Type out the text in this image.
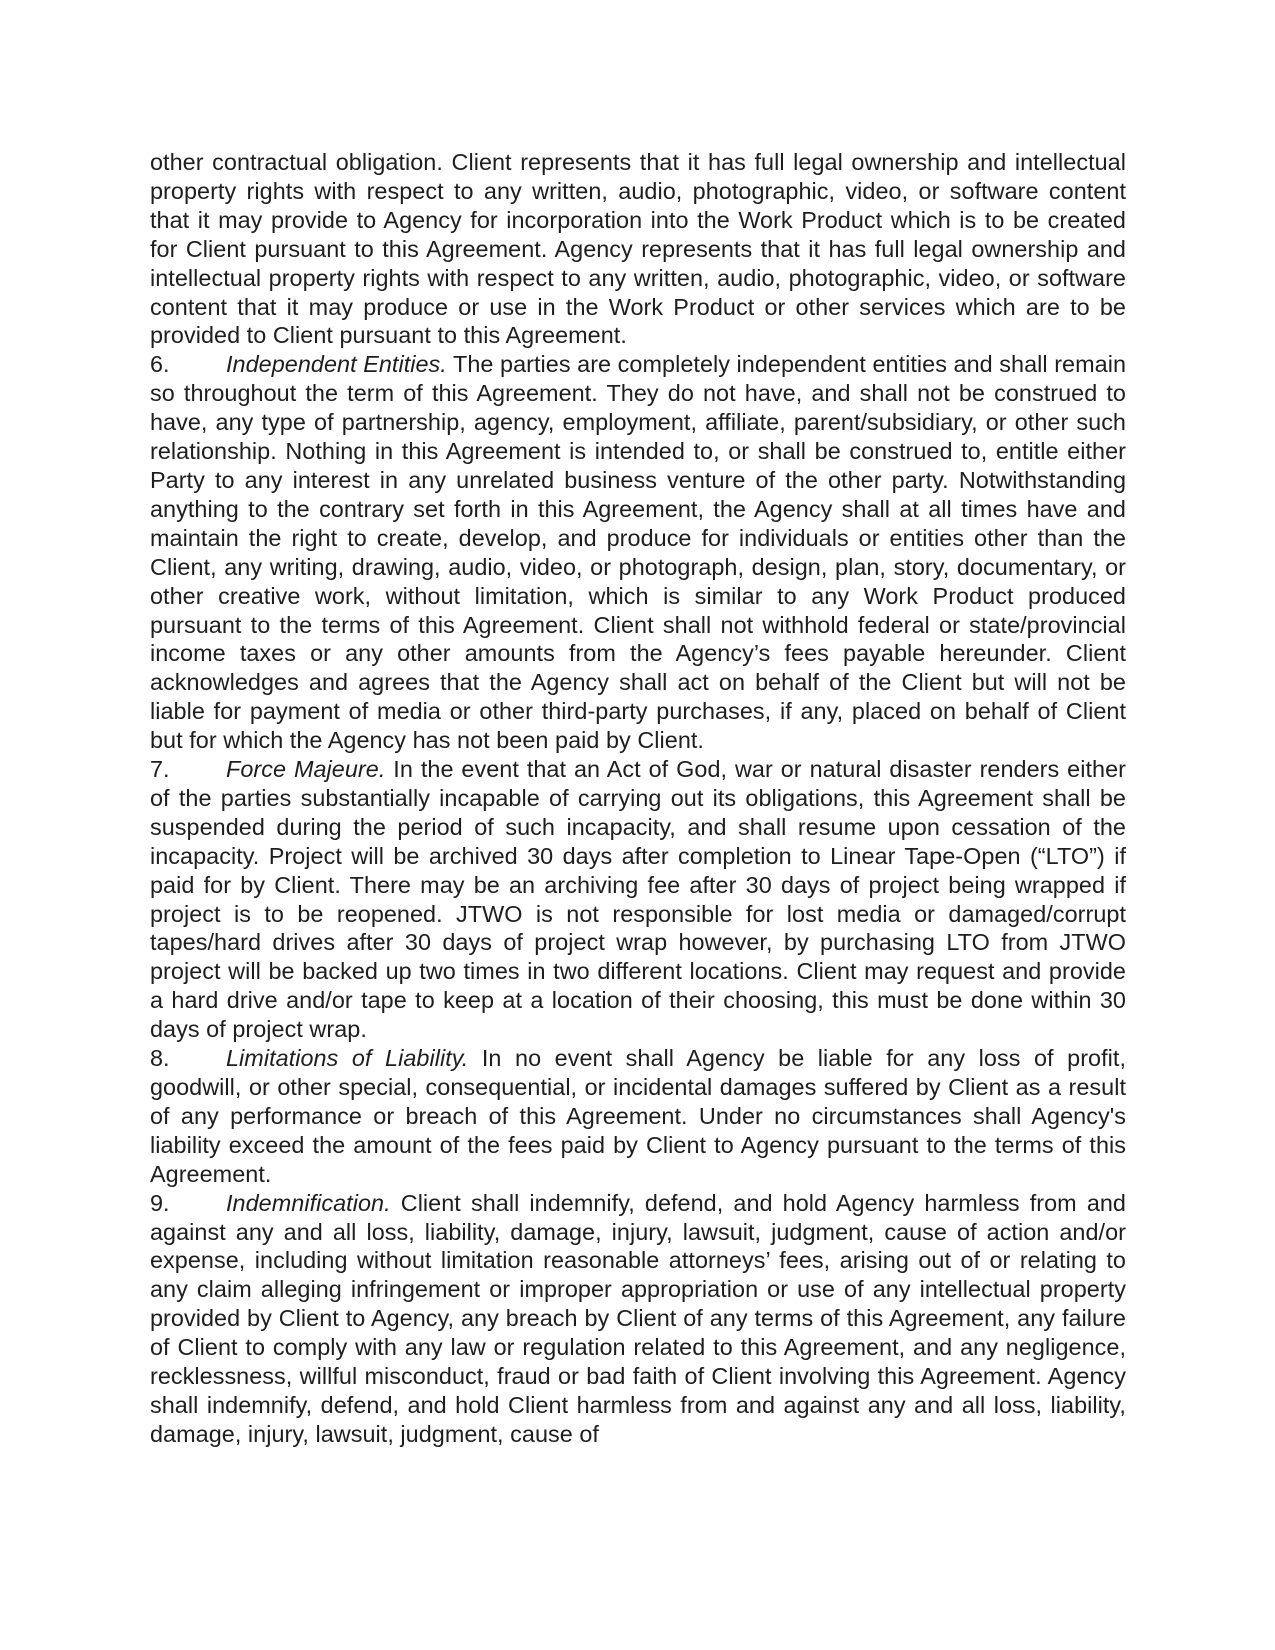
other contractual obligation. Client represents that it has full legal ownership and intellectual property rights with respect to any written, audio, photographic, video, or software content that it may provide to Agency for incorporation into the Work Product which is to be created for Client pursuant to this Agreement. Agency represents that it has full legal ownership and intellectual property rights with respect to any written, audio, photographic, video, or software content that it may produce or use in the Work Product or other services which are to be provided to Client pursuant to this Agreement.

6. Independent Entities. The parties are completely independent entities and shall remain so throughout the term of this Agreement. They do not have, and shall not be construed to have, any type of partnership, agency, employment, affiliate, parent/subsidiary, or other such relationship. Nothing in this Agreement is intended to, or shall be construed to, entitle either Party to any interest in any unrelated business venture of the other party. Notwithstanding anything to the contrary set forth in this Agreement, the Agency shall at all times have and maintain the right to create, develop, and produce for individuals or entities other than the Client, any writing, drawing, audio, video, or photograph, design, plan, story, documentary, or other creative work, without limitation, which is similar to any Work Product produced pursuant to the terms of this Agreement. Client shall not withhold federal or state/provincial income taxes or any other amounts from the Agency’s fees payable hereunder. Client acknowledges and agrees that the Agency shall act on behalf of the Client but will not be liable for payment of media or other third-party purchases, if any, placed on behalf of Client but for which the Agency has not been paid by Client.

7. Force Majeure. In the event that an Act of God, war or natural disaster renders either of the parties substantially incapable of carrying out its obligations, this Agreement shall be suspended during the period of such incapacity, and shall resume upon cessation of the incapacity. Project will be archived 30 days after completion to Linear Tape-Open (“LTO”) if paid for by Client. There may be an archiving fee after 30 days of project being wrapped if project is to be reopened. JTWO is not responsible for lost media or damaged/corrupt tapes/hard drives after 30 days of project wrap however, by purchasing LTO from JTWO project will be backed up two times in two different locations. Client may request and provide a hard drive and/or tape to keep at a location of their choosing, this must be done within 30 days of project wrap.

8. Limitations of Liability. In no event shall Agency be liable for any loss of profit, goodwill, or other special, consequential, or incidental damages suffered by Client as a result of any performance or breach of this Agreement. Under no circumstances shall Agency's liability exceed the amount of the fees paid by Client to Agency pursuant to the terms of this Agreement.

9. Indemnification. Client shall indemnify, defend, and hold Agency harmless from and against any and all loss, liability, damage, injury, lawsuit, judgment, cause of action and/or expense, including without limitation reasonable attorneys’ fees, arising out of or relating to any claim alleging infringement or improper appropriation or use of any intellectual property provided by Client to Agency, any breach by Client of any terms of this Agreement, any failure of Client to comply with any law or regulation related to this Agreement, and any negligence, recklessness, willful misconduct, fraud or bad faith of Client involving this Agreement. Agency shall indemnify, defend, and hold Client harmless from and against any and all loss, liability, damage, injury, lawsuit, judgment, cause of
